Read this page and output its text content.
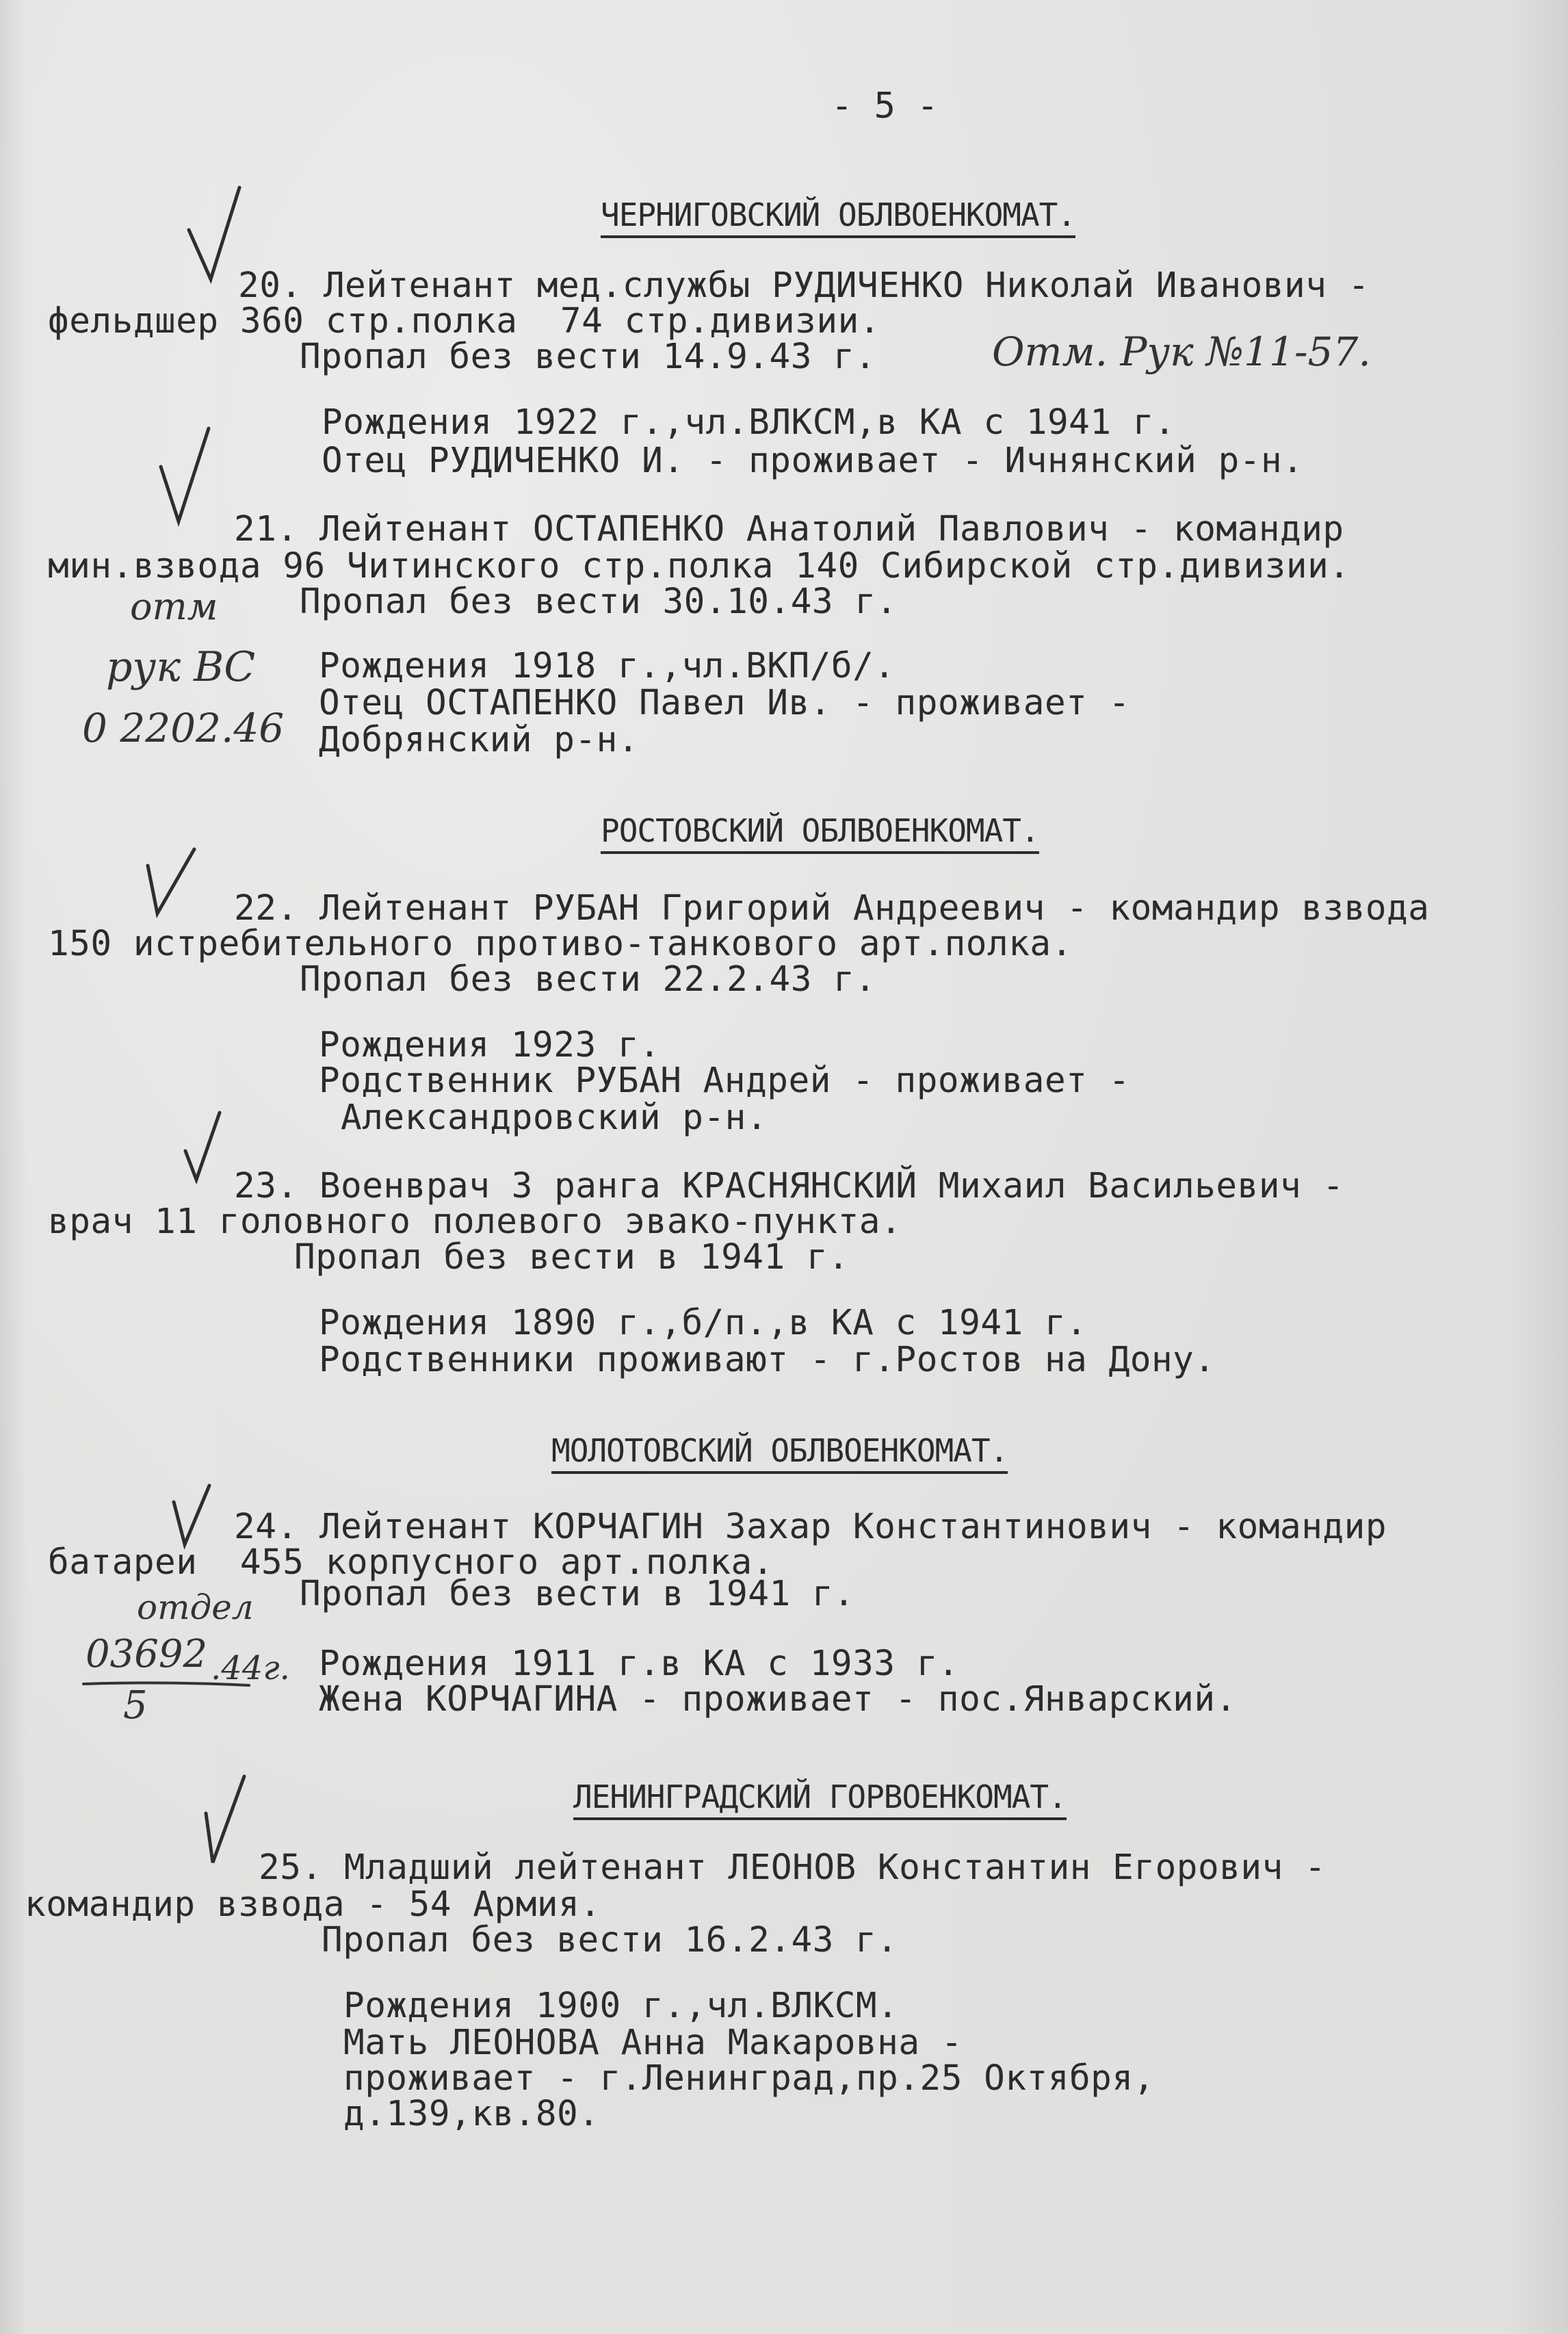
- 5 -
ЧЕРНИГОВСКИЙ ОБЛВОЕНКОМАТ.
20. Лейтенант мед.службы РУДИЧЕНКО Николай Иванович -
фельдшер 360 стр.полка  74 стр.дивизии.
Пропал без вести 14.9.43 г.	Отм. Рук №11-57.
Рождения 1922 г.,чл.ВЛКСМ,в КА с 1941 г.
Отец РУДИЧЕНКО И. - проживает - Ичнянский р-н.
21. Лейтенант ОСТАПЕНКО Анатолий Павлович - командир
мин.взвода 96 Читинского стр.полка 140 Сибирской стр.дивизии.
Пропал без вести 30.10.43 г.
отм
рук ВС
0 2202.46
Рождения 1918 г.,чл.ВКП/б/.
Отец ОСТАПЕНКО Павел Ив. - проживает -
Добрянский р-н.
РОСТОВСКИЙ ОБЛВОЕНКОМАТ.
22. Лейтенант РУБАН Григорий Андреевич - командир взвода
150 истребительного противо-танкового арт.полка.
Пропал без вести 22.2.43 г.
Рождения 1923 г.
Родственник РУБАН Андрей - проживает -
Александровский р-н.
23. Военврач 3 ранга КРАСНЯНСКИЙ Михаил Васильевич -
врач 11 головного полевого эвако-пункта.
Пропал без вести в 1941 г.
Рождения 1890 г.,б/п.,в КА с 1941 г.
Родственники проживают - г.Ростов на Дону.
МОЛОТОВСКИЙ ОБЛВОЕНКОМАТ.
24. Лейтенант КОРЧАГИН Захар Константинович - командир
батареи  455 корпусного арт.полка.
Пропал без вести в 1941 г.
отдел
03692
5
.44г. Рождения 1911 г.в КА с 1933 г.
Жена КОРЧАГИНА - проживает - пос.Январский.
ЛЕНИНГРАДСКИЙ ГОРВОЕНКОМАТ.
25. Младший лейтенант ЛЕОНОВ Константин Егорович -
командир взвода - 54 Армия.
Пропал без вести 16.2.43 г.
Рождения 1900 г.,чл.ВЛКСМ.
Мать ЛЕОНОВА Анна Макаровна -
проживает - г.Ленинград,пр.25 Октября,
д.139,кв.80.
